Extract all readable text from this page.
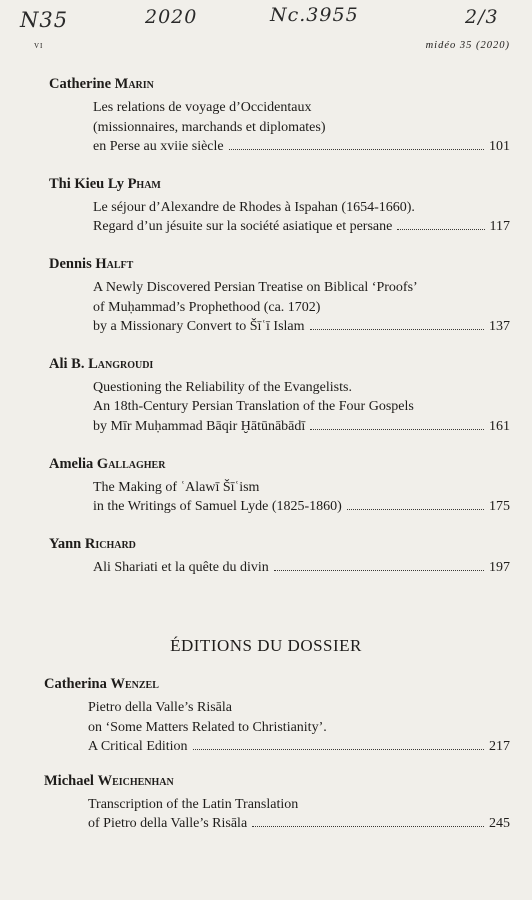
N35	2020	Nc.3955	2/3
vi	midéo 35 (2020)
Catherine Marin
Les relations de voyage d’Occidentaux
(missionnaires, marchands et diplomates)
en Perse au xviie siècle	101
Thi Kieu Ly Pham
Le séjour d’Alexandre de Rhodes à Ispahan (1654-1660).
Regard d’un jésuite sur la société asiatique et persane	117
Dennis Halft
A Newly Discovered Persian Treatise on Biblical ‘Proofs’
of Muḥammad’s Prophethood (ca. 1702)
by a Missionary Convert to Šīʿī Islam	137
Ali B. Langroudi
Questioning the Reliability of the Evangelists.
An 18th-Century Persian Translation of the Four Gospels
by Mīr Muḥammad Bāqir Ḫātūnābādī	161
Amelia Gallagher
The Making of ʿAlawī Šīʿism
in the Writings of Samuel Lyde (1825-1860)	175
Yann Richard
Ali Shariati et la quête du divin	197
ÉDITIONS DU DOSSIER
Catherina Wenzel
Pietro della Valle’s Risāla
on ‘Some Matters Related to Christianity’.
A Critical Edition	217
Michael Weichenhan
Transcription of the Latin Translation
of Pietro della Valle’s Risāla	245
